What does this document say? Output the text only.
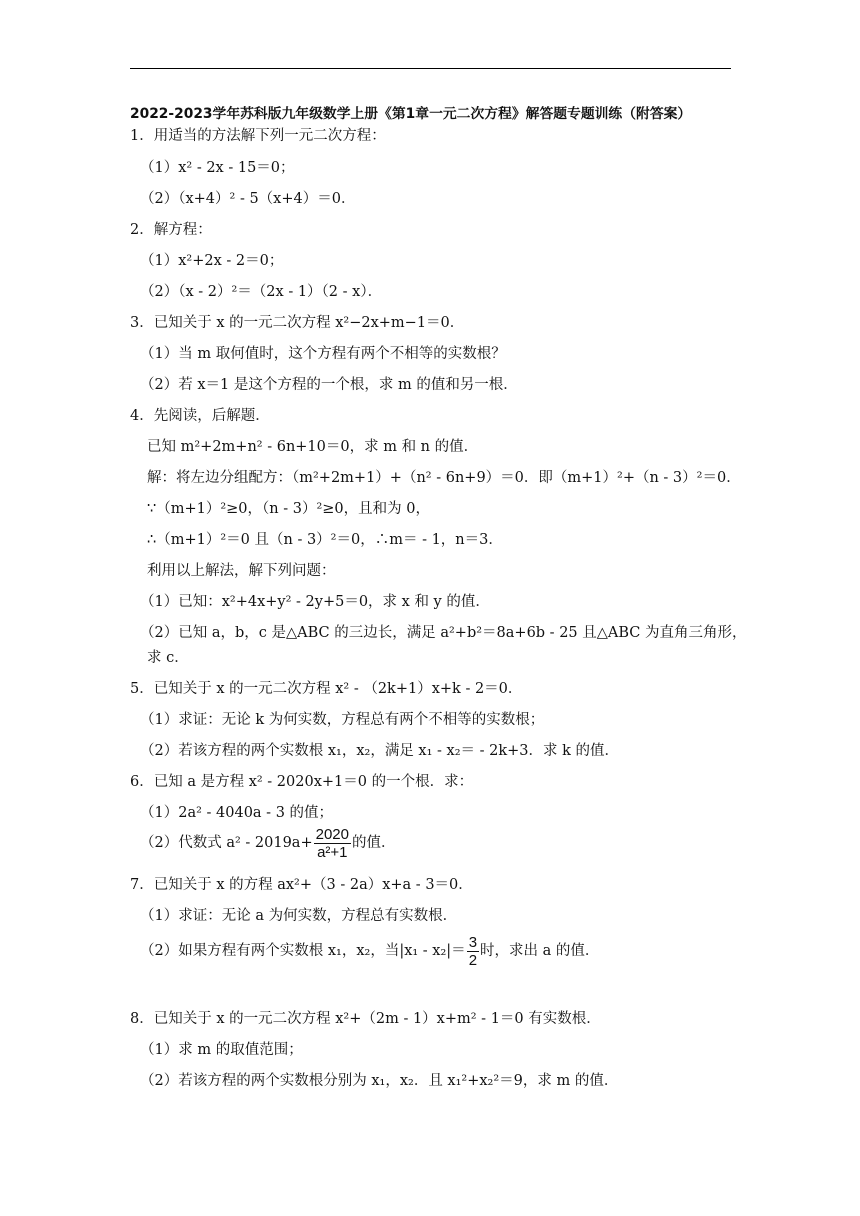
2022-2023学年苏科版九年级数学上册《第1章一元二次方程》解答题专题训练（附答案）
1．用适当的方法解下列一元二次方程：
（1）x² - 2x - 15＝0；
（2）（x+4）² - 5（x+4）＝0．
2．解方程：
（1）x²+2x - 2＝0；
（2）（x - 2）²＝（2x - 1）（2 - x）．
3．已知关于 x 的一元二次方程 x²−2x+m−1＝0．
（1）当 m 取何值时，这个方程有两个不相等的实数根？
（2）若 x＝1 是这个方程的一个根，求 m 的值和另一根．
4．先阅读，后解题．
已知 m²+2m+n² - 6n+10＝0，求 m 和 n 的值．
解：将左边分组配方：（m²+2m+1）+（n² - 6n+9）＝0．即（m+1）²+（n - 3）²＝0．
∵（m+1）²≥0，（n - 3）²≥0，且和为 0，
∴（m+1）²＝0 且（n - 3）²＝0，∴m＝ - 1，n＝3．
利用以上解法，解下列问题：
（1）已知：x²+4x+y² - 2y+5＝0，求 x 和 y 的值．
（2）已知 a，b，c 是△ABC 的三边长，满足 a²+b²＝8a+6b - 25 且△ABC 为直角三角形，
求 c．
5．已知关于 x 的一元二次方程 x² - （2k+1）x+k - 2＝0．
（1）求证：无论 k 为何实数，方程总有两个不相等的实数根；
（2）若该方程的两个实数根 x₁，x₂，满足 x₁ - x₂＝ - 2k+3．求 k 的值．
6．已知 a 是方程 x² - 2020x+1＝0 的一个根．求：
（1）2a² - 4040a - 3 的值；
（2）代数式 $a^2 - 2019a+ \frac{2020}{\text{a²+1}}$ 的值．
7．已知关于 x 的方程 ax²+（3 - 2a）x+a - 3＝0．
（1）求证：无论 a 为何实数，方程总有实数根．
（2）如果方程有两个实数根 x₁，x₂，当$|x_1 - x_2|= \frac{3}{2}$ 时，求出 a 的值．
8．已知关于 x 的一元二次方程 x²+（2m - 1）x+m² - 1＝0 有实数根．
（1）求 m 的取值范围；
（2）若该方程的两个实数根分别为 x₁，x₂．且 x₁²+x₂²＝9，求 m 的值．
